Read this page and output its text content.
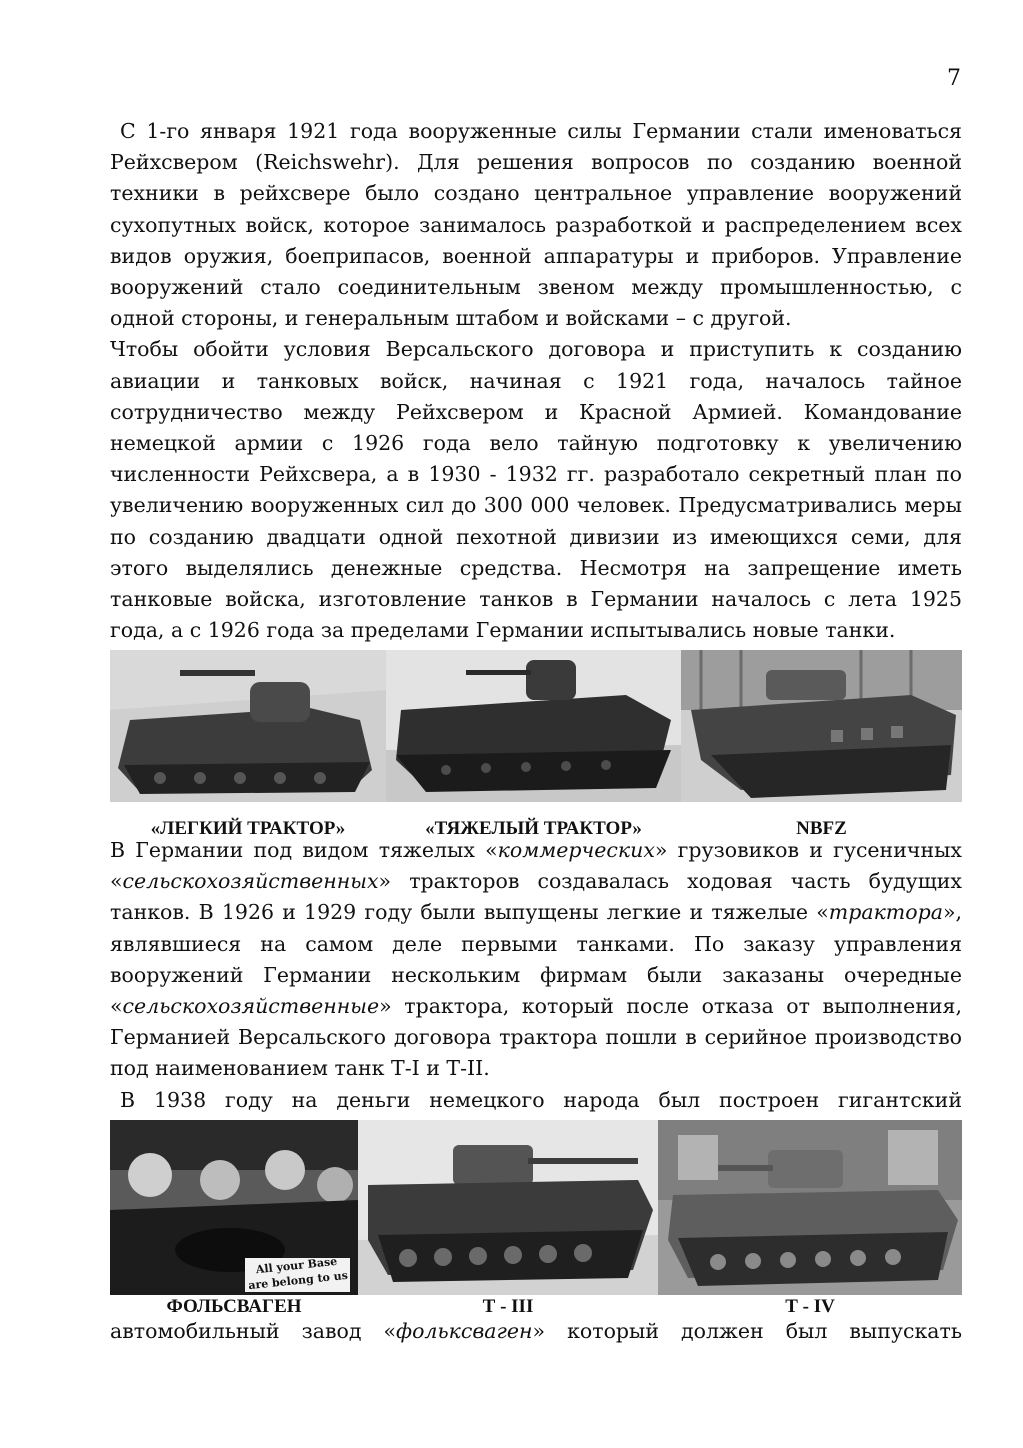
7

С 1-го января 1921 года вооруженные силы Германии стали именоваться Рейхсвером (Reichswehr). Для решения вопросов по созданию военной техники в рейхсвере было создано центральное управление вооружений сухопутных войск, которое занималось разработкой и распределением всех видов оружия, боеприпасов, военной аппаратуры и приборов. Управление вооружений стало соединительным звеном между промышленностью, с одной стороны, и генеральным штабом и войсками – с другой.

Чтобы обойти условия Версальского договора и приступить к созданию авиации и танковых войск, начиная с 1921 года, началось тайное сотрудничество между Рейхсвером и Красной Армией. Командование немецкой армии с 1926 года вело тайную подготовку к увеличению численности Рейхсвера, а в 1930 - 1932 гг. разработало секретный план по увеличению вооруженных сил до 300 000 человек. Предусматривались меры по созданию двадцати одной пехотной дивизии из имеющихся семи, для этого выделялись денежные средства. Несмотря на запрещение иметь танковые войска, изготовление танков в Германии началось с лета 1925 года, а с 1926 года за пределами Германии испытывались новые танки.

«ЛЕГКИЙ ТРАКТОР»	«ТЯЖЕЛЫЙ ТРАКТОР»	NBFZ

В Германии под видом тяжелых «коммерческих» грузовиков и гусеничных «сельскохозяйственных» тракторов создавалась ходовая часть будущих танков. В 1926 и 1929 году были выпущены легкие и тяжелые «трактора», являвшиеся на самом деле первыми танками. По заказу управления вооружений Германии нескольким фирмам были заказаны очередные «сельскохозяйственные» трактора, который после отказа от выполнения, Германией Версальского договора трактора пошли в серийное производство под наименованием танк Т-I и Т-II.

В 1938 году на деньги немецкого народа был построен гигантский

All your Base are belong to us
ФОЛЬСВАГЕН	Т - III	Т - IV

автомобильный завод «фольксваген» который должен был выпускать
